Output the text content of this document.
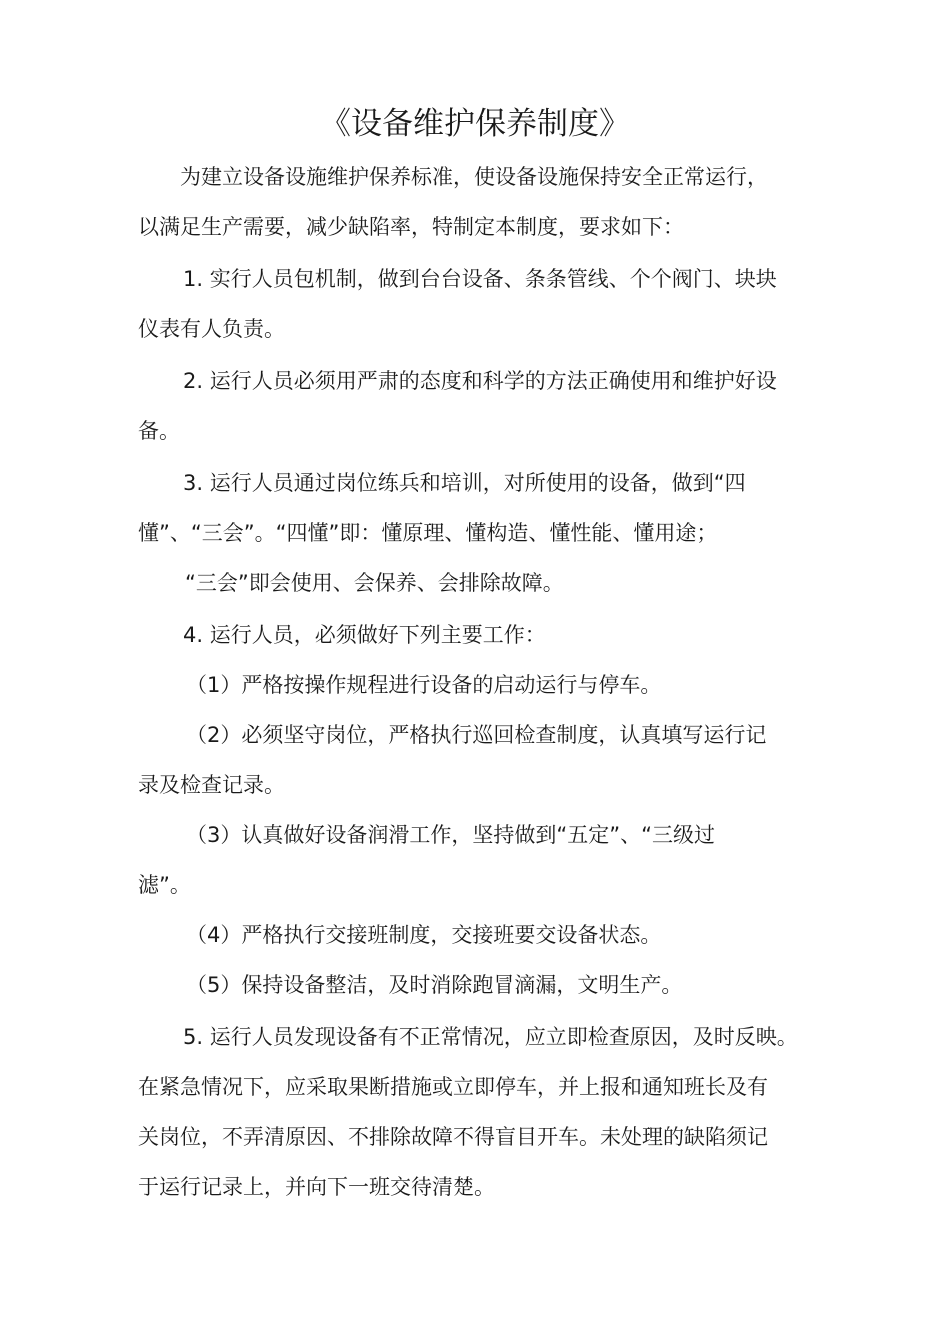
《设备维护保养制度》
为建立设备设施维护保养标准，使设备设施保持安全正常运行，
以满足生产需要，减少缺陷率，特制定本制度，要求如下：
1. 实行人员包机制，做到台台设备、条条管线、个个阀门、块块
仪表有人负责。
2. 运行人员必须用严肃的态度和科学的方法正确使用和维护好设
备。
3. 运行人员通过岗位练兵和培训，对所使用的设备，做到“四
懂”、“三会”。“四懂”即：懂原理、懂构造、懂性能、懂用途；
“三会”即会使用、会保养、会排除故障。
4. 运行人员，必须做好下列主要工作：
（1）严格按操作规程进行设备的启动运行与停车。
（2）必须坚守岗位，严格执行巡回检查制度，认真填写运行记
录及检查记录。
（3）认真做好设备润滑工作，坚持做到“五定”、“三级过
滤”。
（4）严格执行交接班制度，交接班要交设备状态。
（5）保持设备整洁，及时消除跑冒滴漏，文明生产。
5. 运行人员发现设备有不正常情况，应立即检查原因，及时反映。
在紧急情况下，应采取果断措施或立即停车，并上报和通知班长及有
关岗位，不弄清原因、不排除故障不得盲目开车。未处理的缺陷须记
于运行记录上，并向下一班交待清楚。
